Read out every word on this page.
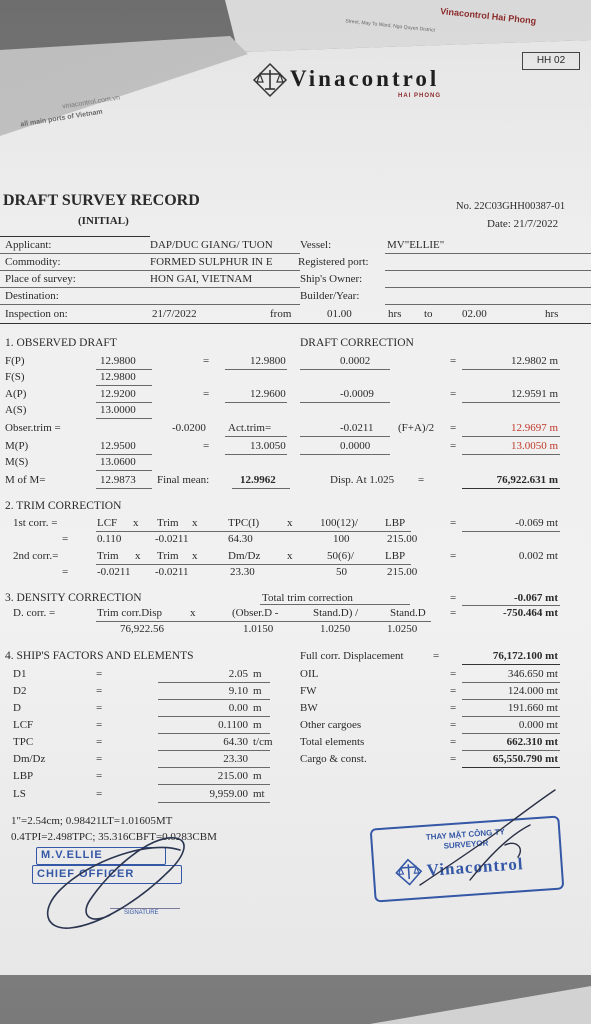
Vinacontrol Hai Phong
Street, May To Ward, Ngo Quyen District
vinacontrol.com.vn
all main ports of Vietnam
HH 02
Vinacontrol
HAI PHONG
DRAFT SURVEY RECORD
(INITIAL)
No. 22C03GHH00387-01
Date: 21/7/2022
Applicant:	DAP/DUC GIANG/ TUON Vessel:	MV"ELLIE"
Commodity:	FORMED SULPHUR IN E Registered port:
Place of survey:	HON GAI, VIETNAM	Ship's Owner:
Destination:	Builder/Year:
Inspection on:	21/7/2022	from	01.00	hrs to	02.00	hrs
1. OBSERVED DRAFT	DRAFT CORRECTION
F(P)	12.9800	=	12.9800	0.0002	=	12.9802 m
F(S)	12.9800
A(P)	12.9200	=	12.9600	-0.0009	=	12.9591 m
A(S)	13.0000
Obser.trim =	-0.0200 Act.trim=	-0.0211 (F+A)/2 =	12.9697 m
M(P)	12.9500	=	13.0050	0.0000	=	13.0050 m
M(S)	13.0600
M of M=	12.9873 Final mean:	12.9962	Disp. At 1.025 =	76,922.631 m
2. TRIM CORRECTION
1st corr. =	LCF x Trim x	TPC(I)	x	100(12)/ LBP	=	-0.069 mt
=	0.110	-0.0211	64.30	100	215.00
2nd corr.=	Trim x Trim x	Dm/Dz x	50(6)/	LBP	=	0.002 mt
=	-0.0211 -0.0211	23.30	50	215.00
3. DENSITY CORRECTION	Total trim correction	=	-0.067 mt
D. corr. =	Trim corr.Disp	x	(Obser.D -	Stand.D) /	Stand.D =	-750.464 mt
76,922.56	1.0150	1.0250	1.0250
4. SHIP'S FACTORS AND ELEMENTS	Full corr. Displacement	=	76,172.100 mt
D1	=	2.05 m
D2	=	9.10 m
D	=	0.00 m
LCF	=	0.1100 m
TPC	=	64.30 t/cm
Dm/Dz	=	23.30
LBP	=	215.00 m
LS	=	9,959.00 mt
OIL	=	346.650 mt
FW	=	124.000 mt
BW	=	191.660 mt
Other cargoes	=	0.000 mt
Total elements	=	662.310 mt
Cargo & const.	=	65,550.790 mt
1"=2.54cm; 0.98421LT=1.01605MT
0.4TPI=2.498TPC; 35.316CBFT=0.0283CBM
M.V.ELLIE
CHIEF OFFICER
SIGNATURE
THAY MẶT CÔNG TY
SURVEYOR
Vinacontrol
